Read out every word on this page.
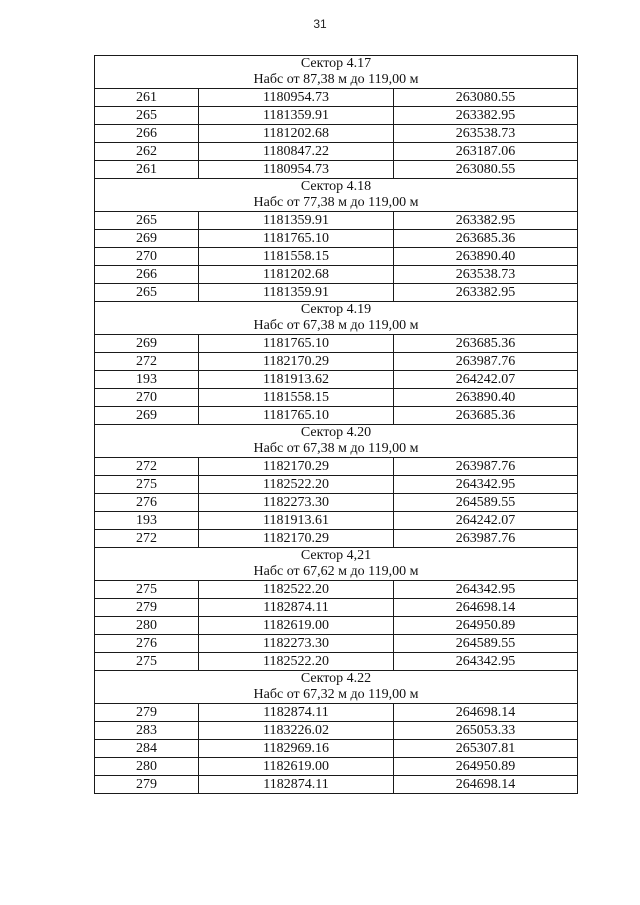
31
Сектор 4.17
Набс от 87,38 м до 119,00 м		

261	1180954.73	263080.55
265	1181359.91	263382.95
266	1181202.68	263538.73
262	1180847.22	263187.06
261	1180954.73	263080.55

Сектор 4.18
Набс от 77,38 м до 119,00 м		

265	1181359.91	263382.95
269	1181765.10	263685.36
270	1181558.15	263890.40
266	1181202.68	263538.73
265	1181359.91	263382.95

Сектор 4.19
Набс от 67,38 м до 119,00 м		

269	1181765.10	263685.36
272	1182170.29	263987.76
193	1181913.62	264242.07
270	1181558.15	263890.40
269	1181765.10	263685.36

Сектор 4.20
Набс от 67,38 м до 119,00 м		

272	1182170.29	263987.76
275	1182522.20	264342.95
276	1182273.30	264589.55
193	1181913.61	264242.07
272	1182170.29	263987.76

Сектор 4,21
Набс от 67,62 м до 119,00 м		

275	1182522.20	264342.95
279	1182874.11	264698.14
280	1182619.00	264950.89
276	1182273.30	264589.55
275	1182522.20	264342.95

Сектор 4.22
Набс от 67,32 м до 119,00 м		

279	1182874.11	264698.14
283	1183226.02	265053.33
284	1182969.16	265307.81
280	1182619.00	264950.89
279	1182874.11	264698.14
